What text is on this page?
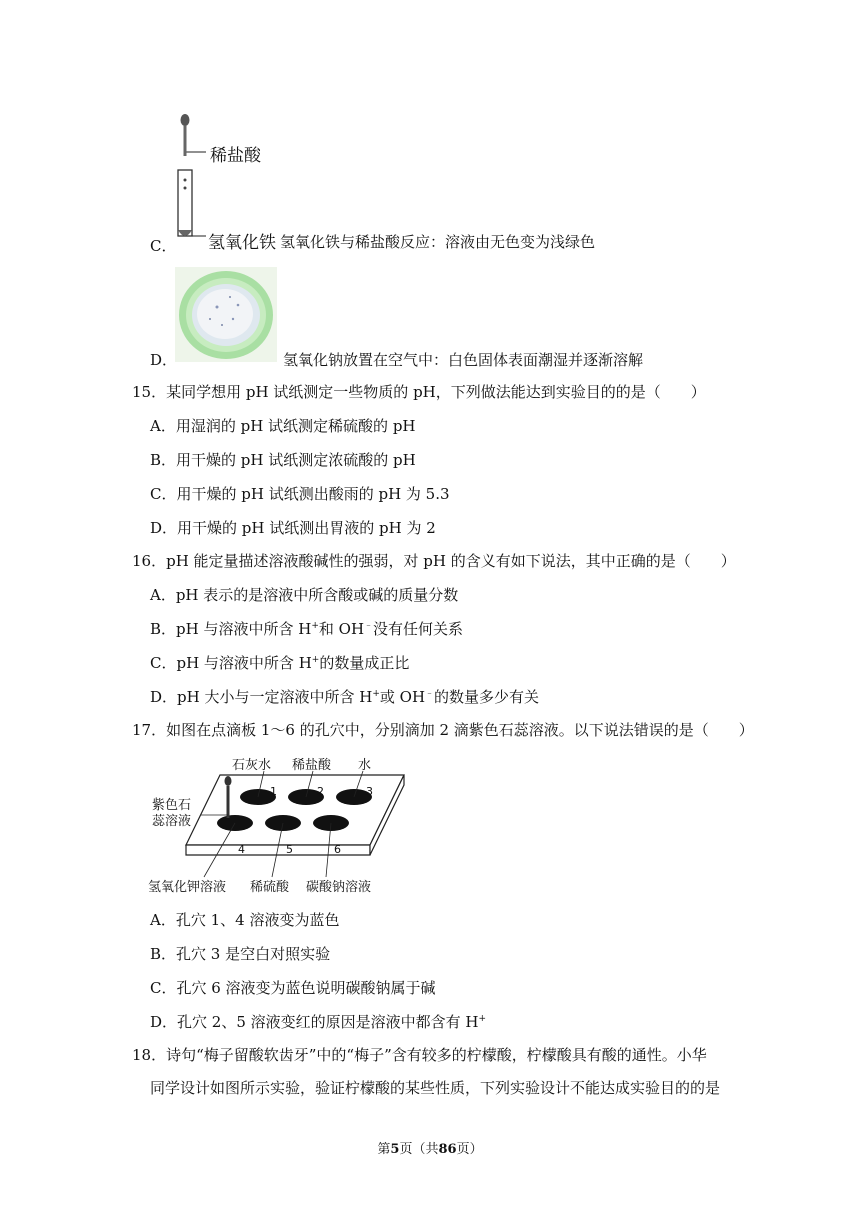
稀盐酸
氢氧化铁
C．	氢氧化铁与稀盐酸反应：溶液由无色变为浅绿色
D．	氢氧化钠放置在空气中：白色固体表面潮湿并逐渐溶解
15．某同学想用 pH 试纸测定一些物质的 pH，下列做法能达到实验目的的是（　　）
A．用湿润的 pH 试纸测定稀硫酸的 pH
B．用干燥的 pH 试纸测定浓硫酸的 pH
C．用干燥的 pH 试纸测出酸雨的 pH 为 5.3
D．用干燥的 pH 试纸测出胃液的 pH 为 2
16．pH 能定量描述溶液酸碱性的强弱，对 pH 的含义有如下说法，其中正确的是（　　）
A．pH 表示的是溶液中所含酸或碱的质量分数
B．pH 与溶液中所含 H+和 OH﹣没有任何关系
C．pH 与溶液中所含 H+的数量成正比
D．pH 大小与一定溶液中所含 H+或 OH﹣的数量多少有关
17．如图在点滴板 1～6 的孔穴中，分别滴加 2 滴紫色石蕊溶液。以下说法错误的是（　　）
1	2	3
4	5	6
石灰水 稀盐酸 水
紫色石
蕊溶液
氢氧化钾溶液 稀硫酸 碳酸钠溶液
A．孔穴 1、4 溶液变为蓝色
B．孔穴 3 是空白对照实验
C．孔穴 6 溶液变为蓝色说明碳酸钠属于碱
D．孔穴 2、5 溶液变红的原因是溶液中都含有 H+
18．诗句“梅子留酸软齿牙”中的“梅子”含有较多的柠檬酸，柠檬酸具有酸的通性。小华
同学设计如图所示实验，验证柠檬酸的某些性质，下列实验设计不能达成实验目的的是
第5页（共86页）
